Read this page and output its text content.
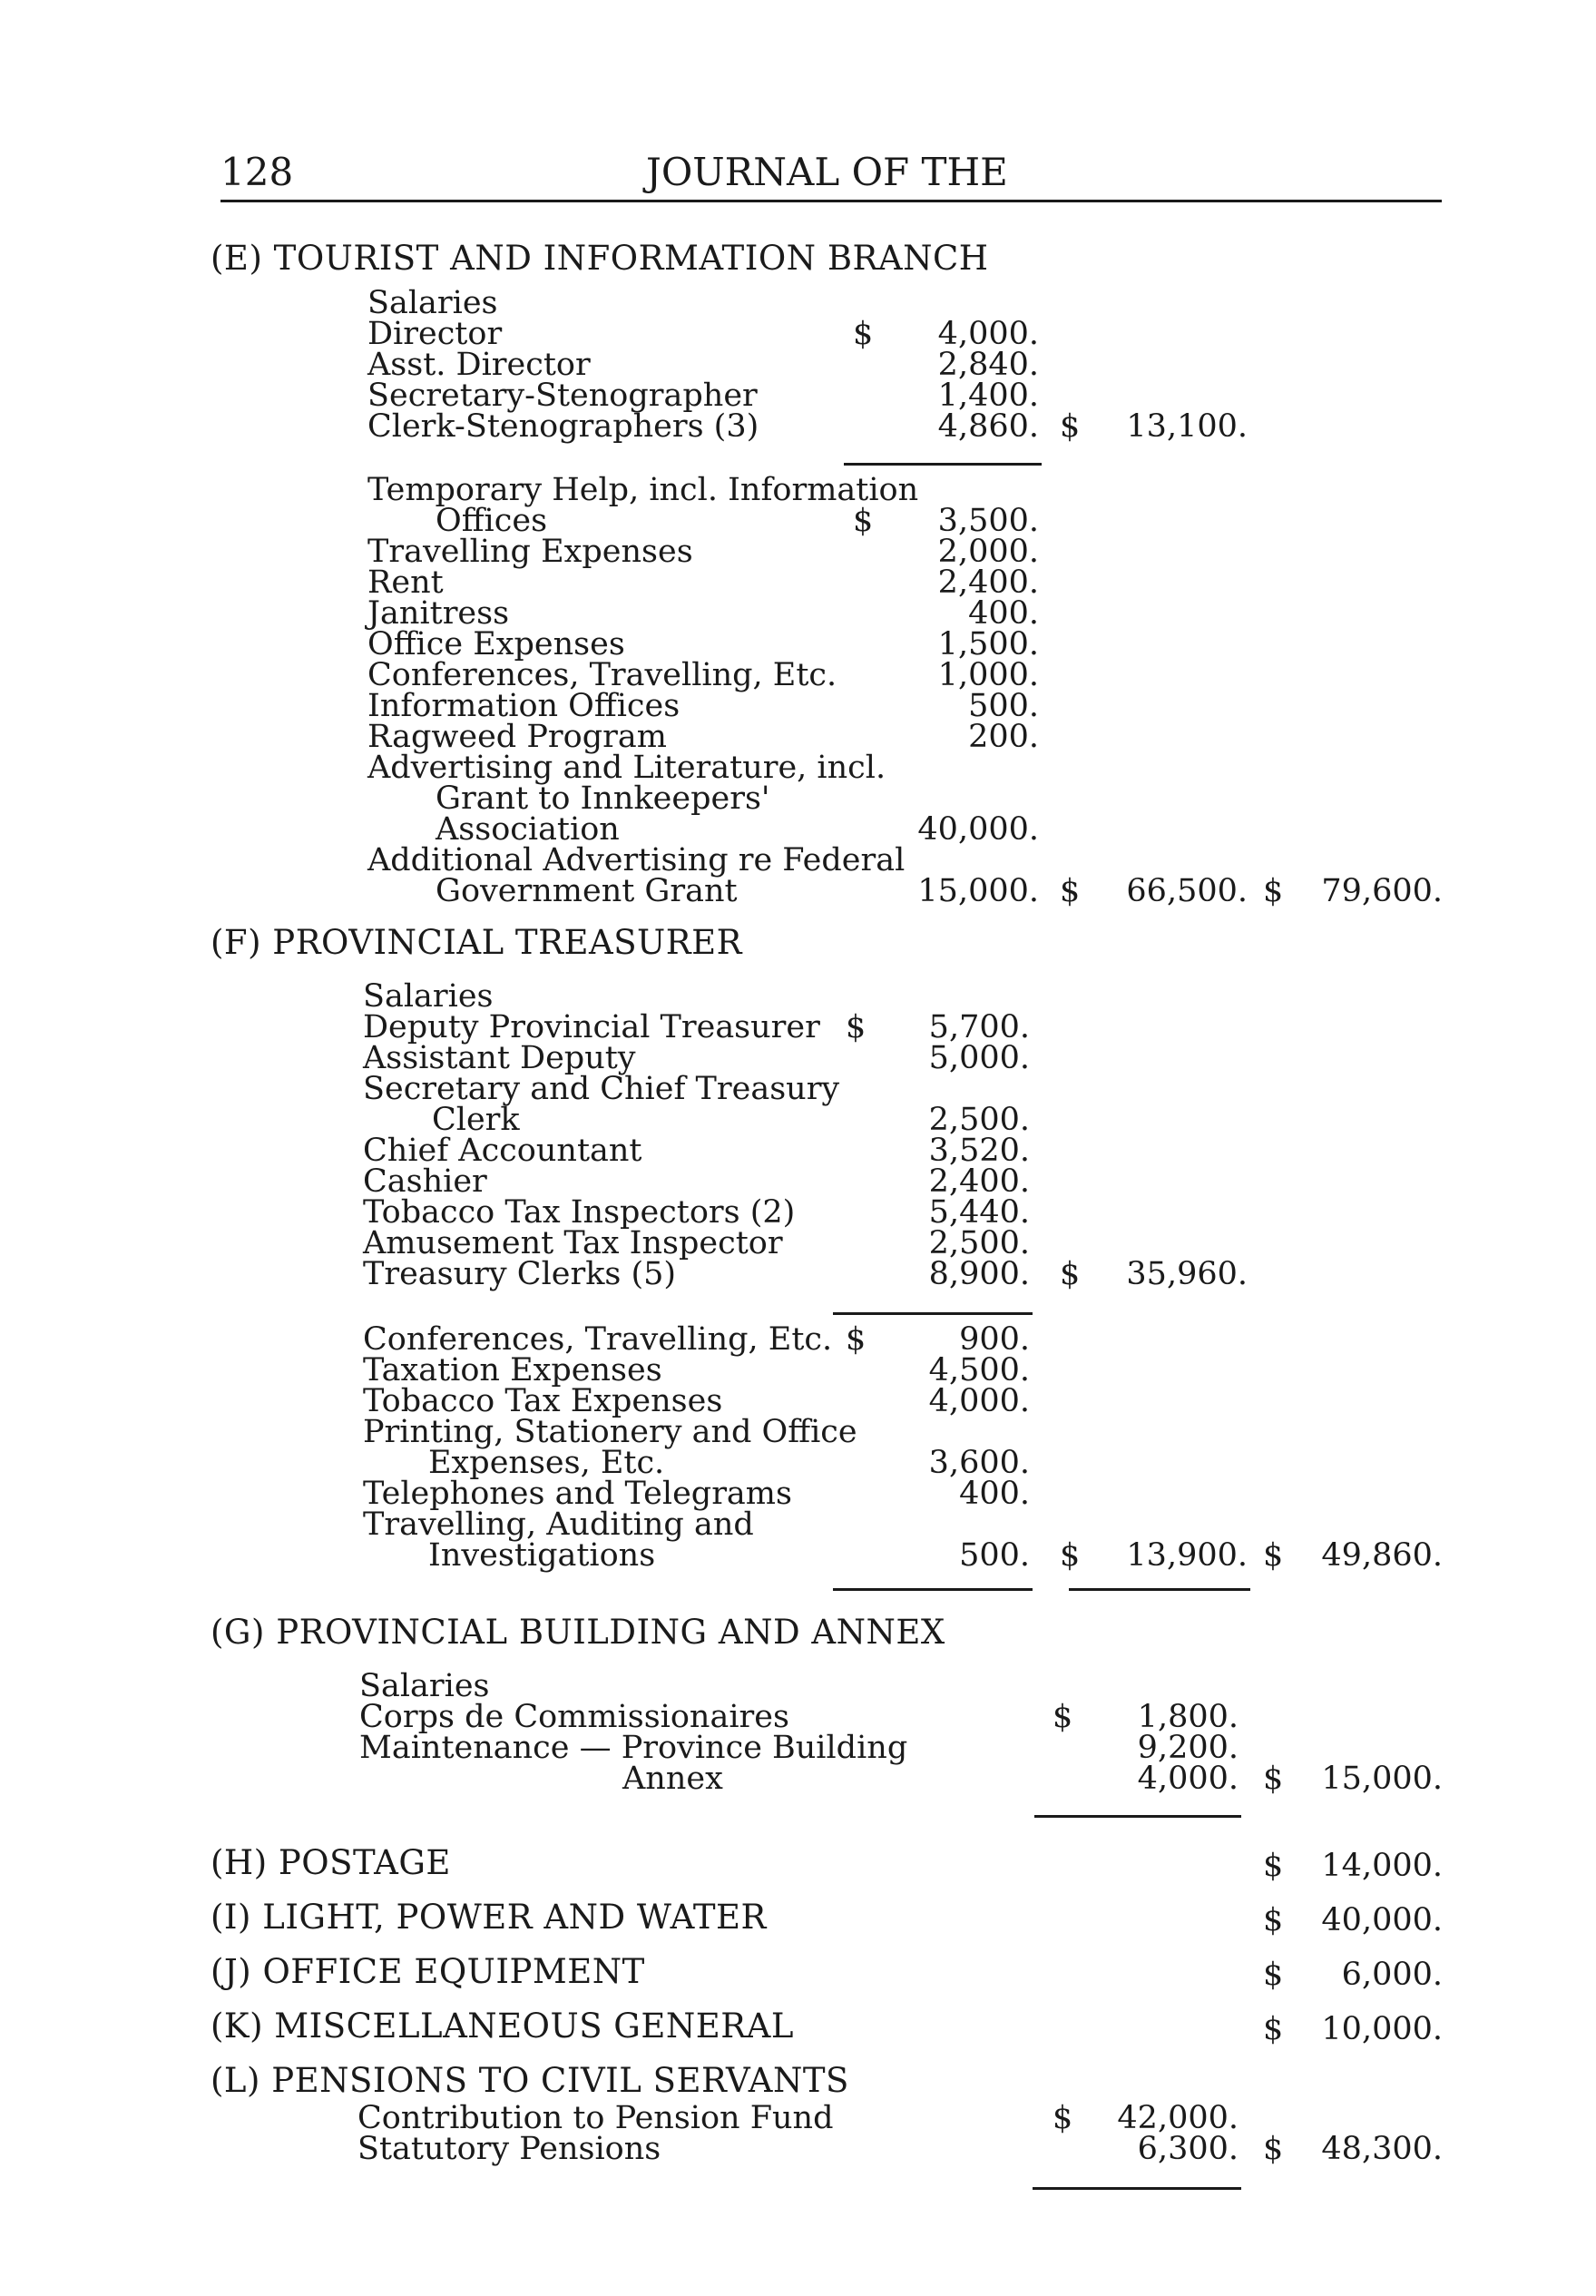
128	JOURNAL OF THE
(E) TOURIST AND INFORMATION BRANCH
Salaries
Director	$	4,000.
Asst. Director	2,840.
Secretary-Stenographer	1,400.
Clerk-Stenographers (3)	4,860. $	13,100.
Temporary Help, incl. Information
Offices	$	3,500.
Travelling Expenses	2,000.
Rent	2,400.
Janitress	400.
Office Expenses	1,500.
Conferences, Travelling, Etc.	1,000.
Information Offices	500.
Ragweed Program	200.
Advertising and Literature, incl.
Grant to Innkeepers'
Association	40,000.
Additional Advertising re Federal
Government Grant	15,000. $	66,500. $	79,600.
(F) PROVINCIAL TREASURER
Salaries
Deputy Provincial Treasurer $	5,700.
Assistant Deputy	5,000.
Secretary and Chief Treasury
Clerk	2,500.
Chief Accountant	3,520.
Cashier	2,400.
Tobacco Tax Inspectors (2)	5,440.
Amusement Tax Inspector	2,500.
Treasury Clerks (5)	8,900. $	35,960.
Conferences, Travelling, Etc. $	900.
Taxation Expenses	4,500.
Tobacco Tax Expenses	4,000.
Printing, Stationery and Office
Expenses, Etc.	3,600.
Telephones and Telegrams	400.
Travelling, Auditing and
Investigations	500. $	13,900. $	49,860.
(G) PROVINCIAL BUILDING AND ANNEX
Salaries
Corps de Commissionaires	$	1,800.
Maintenance — Province Building	9,200.
Annex	4,000. $	15,000.
(H) POSTAGE	$	14,000.
(I) LIGHT, POWER AND WATER	$	40,000.
(J) OFFICE EQUIPMENT	$	6,000.
(K) MISCELLANEOUS GENERAL	$	10,000.
(L) PENSIONS TO CIVIL SERVANTS
Contribution to Pension Fund	$	42,000.
Statutory Pensions	6,300. $	48,300.
